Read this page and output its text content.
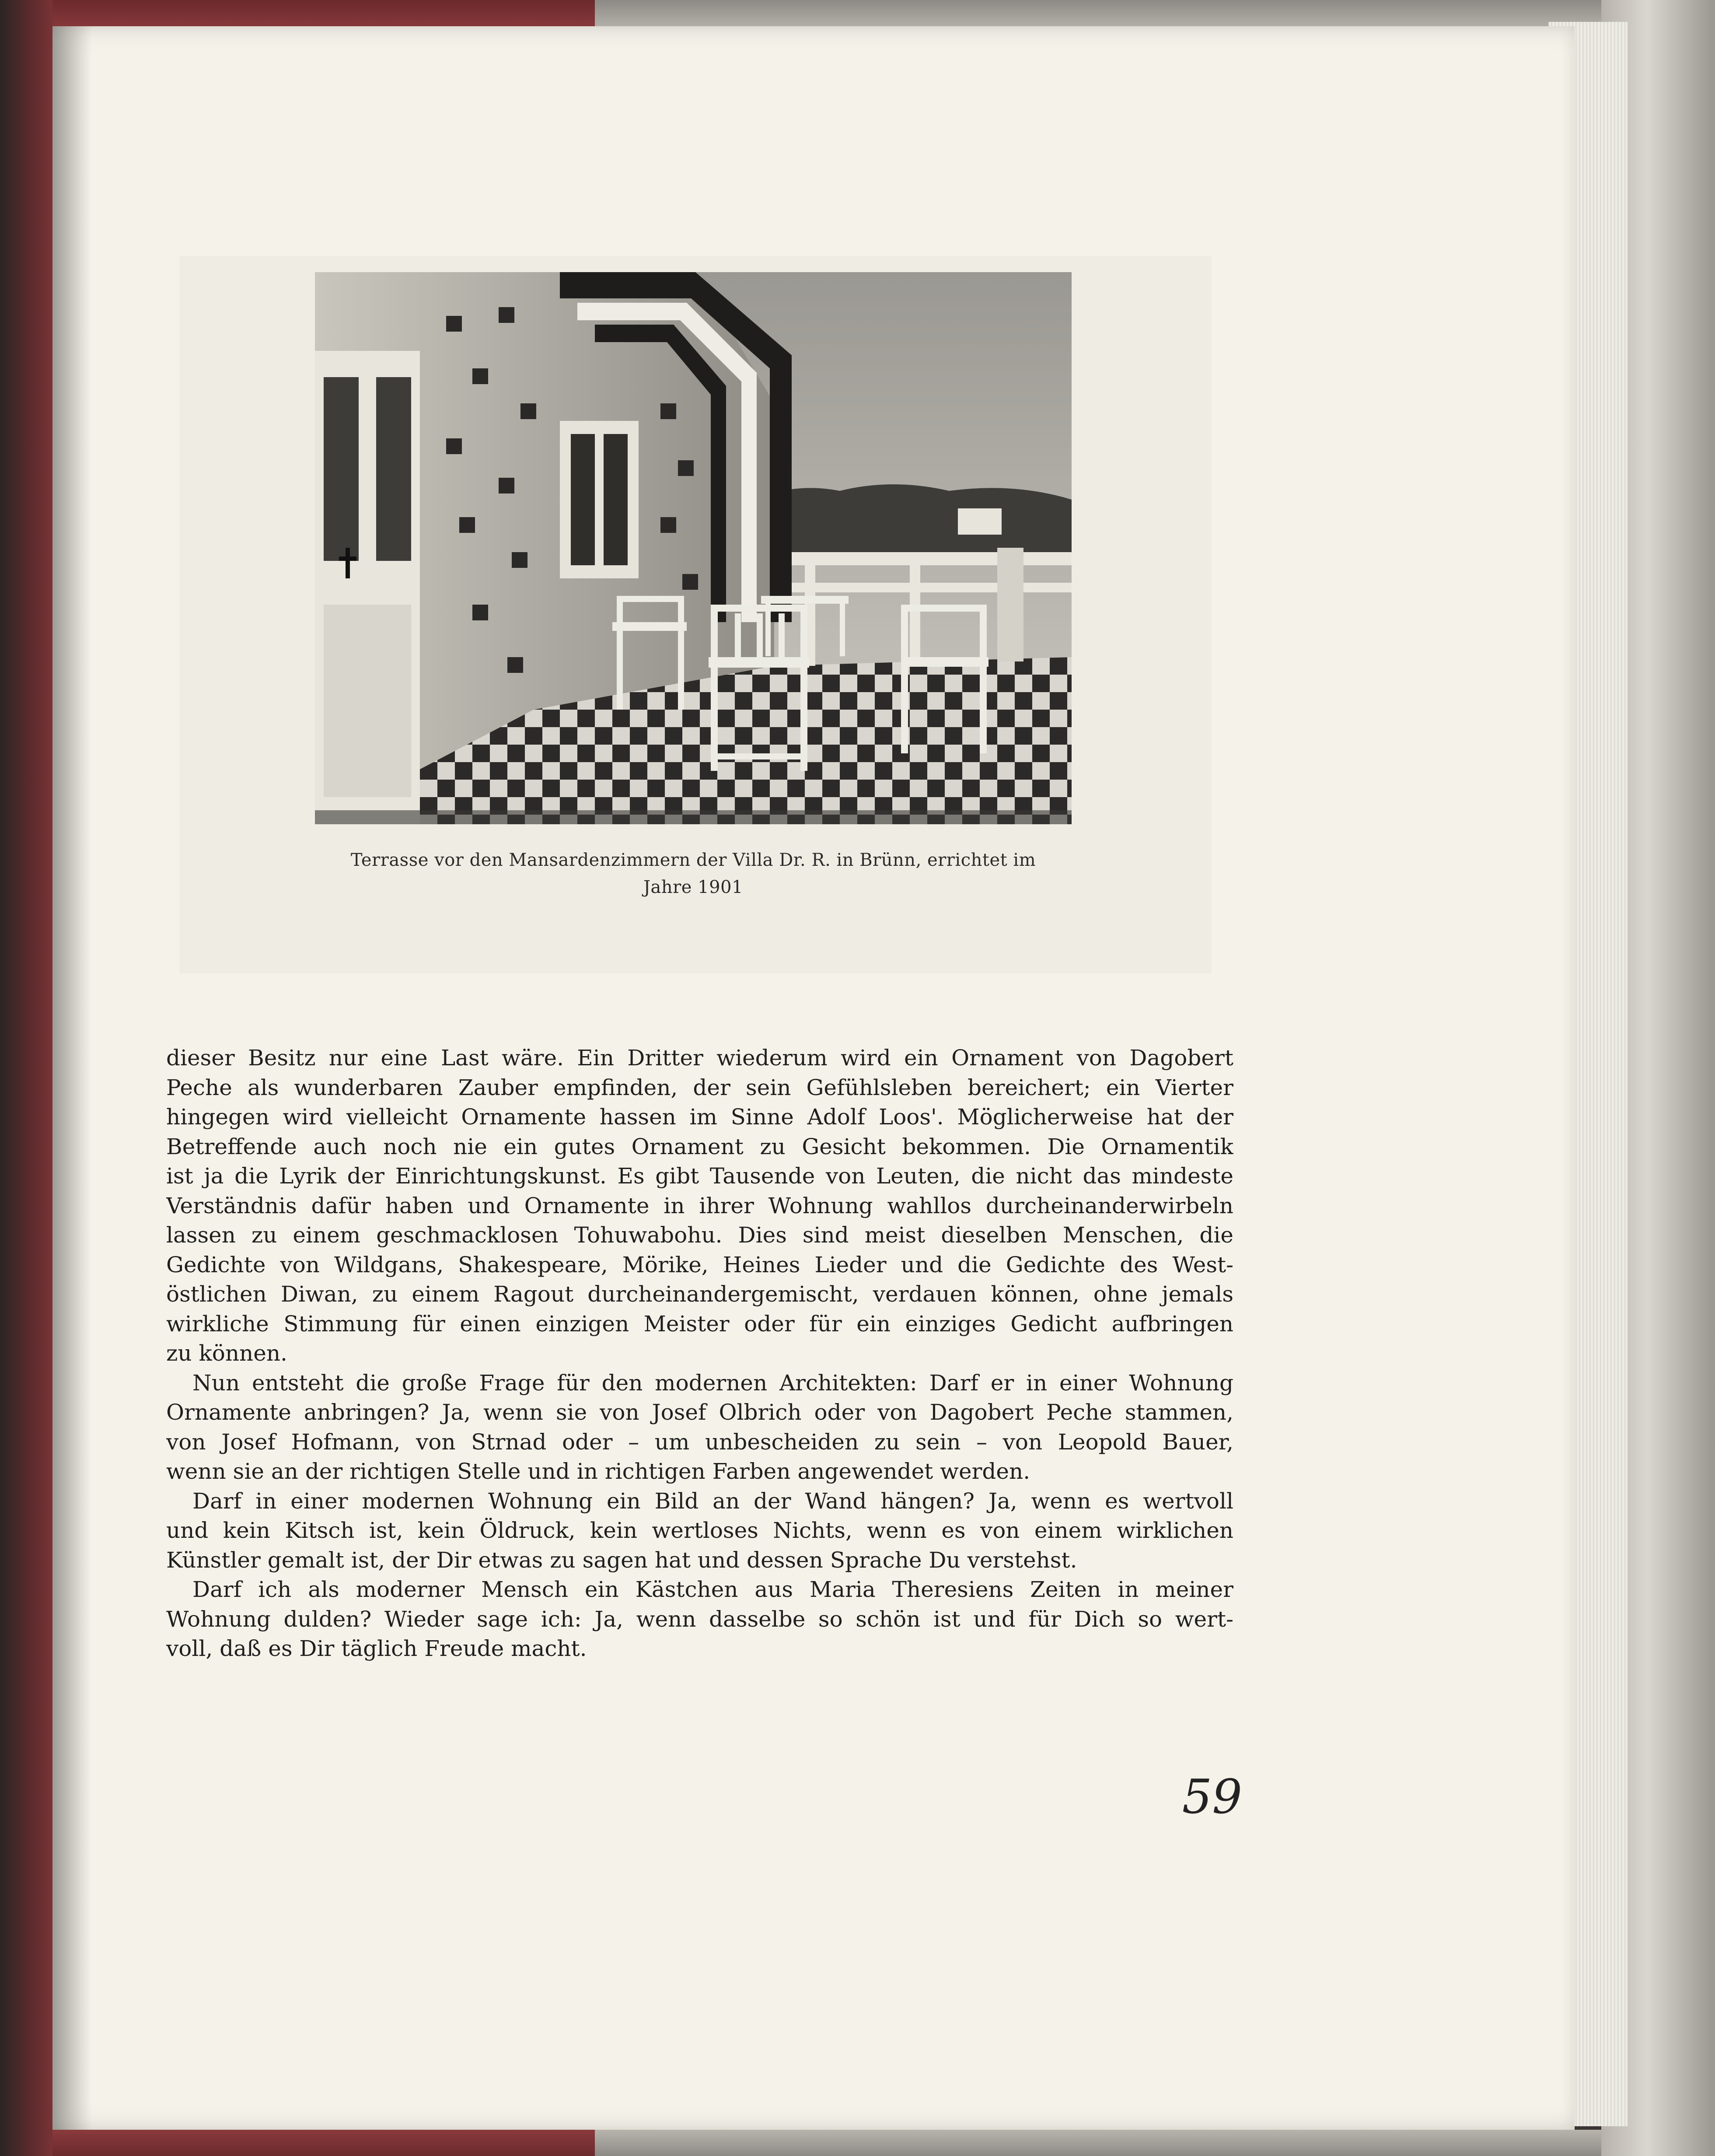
Terrasse vor den Mansardenzimmern der Villa Dr. R. in Brünn, errichtet im
Jahre 1901
dieser Besitz nur eine Last wäre. Ein Dritter wiederum wird ein Ornament von Dagobert
Peche als wunderbaren Zauber empfinden, der sein Gefühlsleben bereichert; ein Vierter
hingegen wird vielleicht Ornamente hassen im Sinne Adolf Loos'. Möglicherweise hat der
Betreffende auch noch nie ein gutes Ornament zu Gesicht bekommen. Die Ornamentik
ist ja die Lyrik der Einrichtungskunst. Es gibt Tausende von Leuten, die nicht das mindeste
Verständnis dafür haben und Ornamente in ihrer Wohnung wahllos durcheinanderwirbeln
lassen zu einem geschmacklosen Tohuwabohu. Dies sind meist dieselben Menschen, die
Gedichte von Wildgans, Shakespeare, Mörike, Heines Lieder und die Gedichte des West-
östlichen Diwan, zu einem Ragout durcheinandergemischt, verdauen können, ohne jemals
wirkliche Stimmung für einen einzigen Meister oder für ein einziges Gedicht aufbringen
zu können.
Nun entsteht die große Frage für den modernen Architekten: Darf er in einer Wohnung
Ornamente anbringen? Ja, wenn sie von Josef Olbrich oder von Dagobert Peche stammen,
von Josef Hofmann, von Strnad oder – um unbescheiden zu sein – von Leopold Bauer,
wenn sie an der richtigen Stelle und in richtigen Farben angewendet werden.
Darf in einer modernen Wohnung ein Bild an der Wand hängen? Ja, wenn es wertvoll
und kein Kitsch ist, kein Öldruck, kein wertloses Nichts, wenn es von einem wirklichen
Künstler gemalt ist, der Dir etwas zu sagen hat und dessen Sprache Du verstehst.
Darf ich als moderner Mensch ein Kästchen aus Maria Theresiens Zeiten in meiner
Wohnung dulden? Wieder sage ich: Ja, wenn dasselbe so schön ist und für Dich so wert-
voll, daß es Dir täglich Freude macht.
59
